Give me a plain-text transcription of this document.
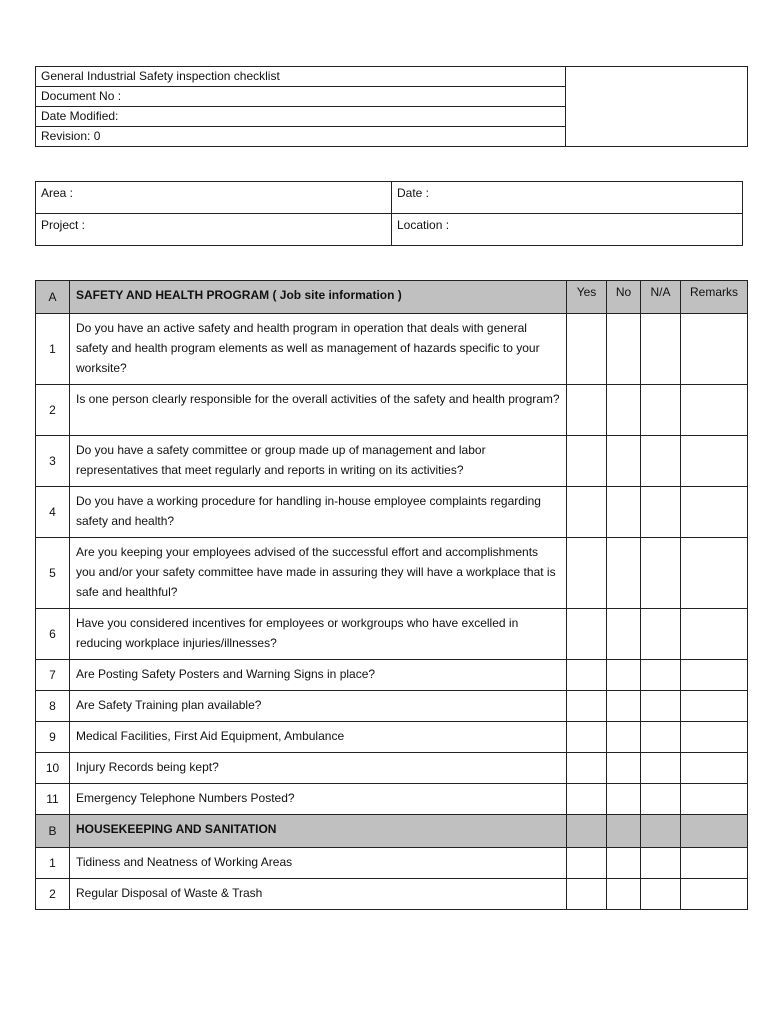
General Industrial Safety inspection checklist	
Document No :
Date Modified:
Revision: 0
Area :	Date :
Project :	Location :
A	SAFETY AND HEALTH PROGRAM ( Job site information )	Yes	No	N/A	Remarks
1	Do you have an active safety and health program in operation that deals with general safety and health program elements as well as management of hazards specific to your worksite?				
2	Is one person clearly responsible for the overall activities of the safety and health program?				
3	Do you have a safety committee or group made up of management and labor representatives that meet regularly and reports in writing on its activities?				
4	Do you have a working procedure for handling in-house employee complaints regarding safety and health?				
5	Are you keeping your employees advised of the successful effort and accomplishments you and/or your safety committee have made in assuring they will have a workplace that is safe and healthful?				
6	Have you considered incentives for employees or workgroups who have excelled in reducing workplace injuries/illnesses?				
7	Are Posting Safety Posters and Warning Signs in place?				
8	Are Safety Training plan available?				
9	Medical Facilities, First Aid Equipment, Ambulance				
10	Injury Records being kept?				
11	Emergency Telephone Numbers Posted?				
B	HOUSEKEEPING AND SANITATION				
1	Tidiness and Neatness of Working Areas				
2	Regular Disposal of Waste & Trash				
